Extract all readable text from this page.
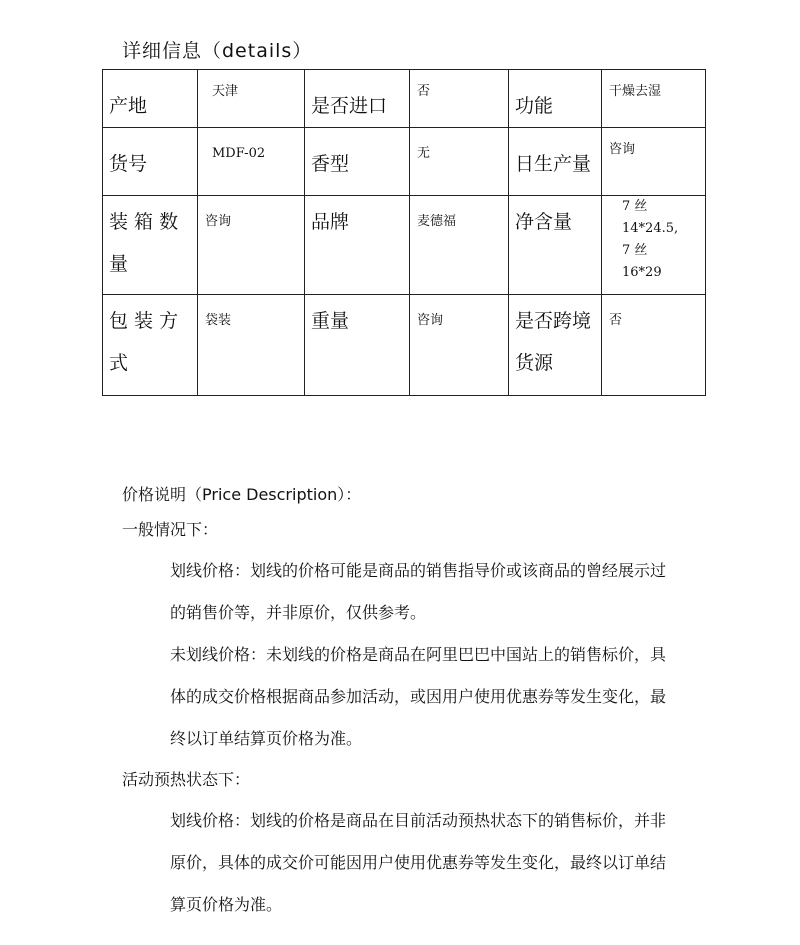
详细信息（details）
产地	天津	是否进口	否	功能	干燥去湿

货号	MDF-02	香型	无	日生产量	咨询

装 箱 数 量	咨询	品牌	麦德福	净含量	7 丝
14*24.5,
7 丝
16*29

包 装 方 式	袋装	重量	咨询	是否跨境货源	否
价格说明（Price Description）：
一般情况下：
划线价格：划线的价格可能是商品的销售指导价或该商品的曾经展示过的销售价等，并非原价，仅供参考。
未划线价格：未划线的价格是商品在阿里巴巴中国站上的销售标价，具体的成交价格根据商品参加活动，或因用户使用优惠券等发生变化，最终以订单结算页价格为准。
活动预热状态下：
划线价格：划线的价格是商品在目前活动预热状态下的销售标价，并非原价，具体的成交价可能因用户使用优惠券等发生变化，最终以订单结算页价格为准。
